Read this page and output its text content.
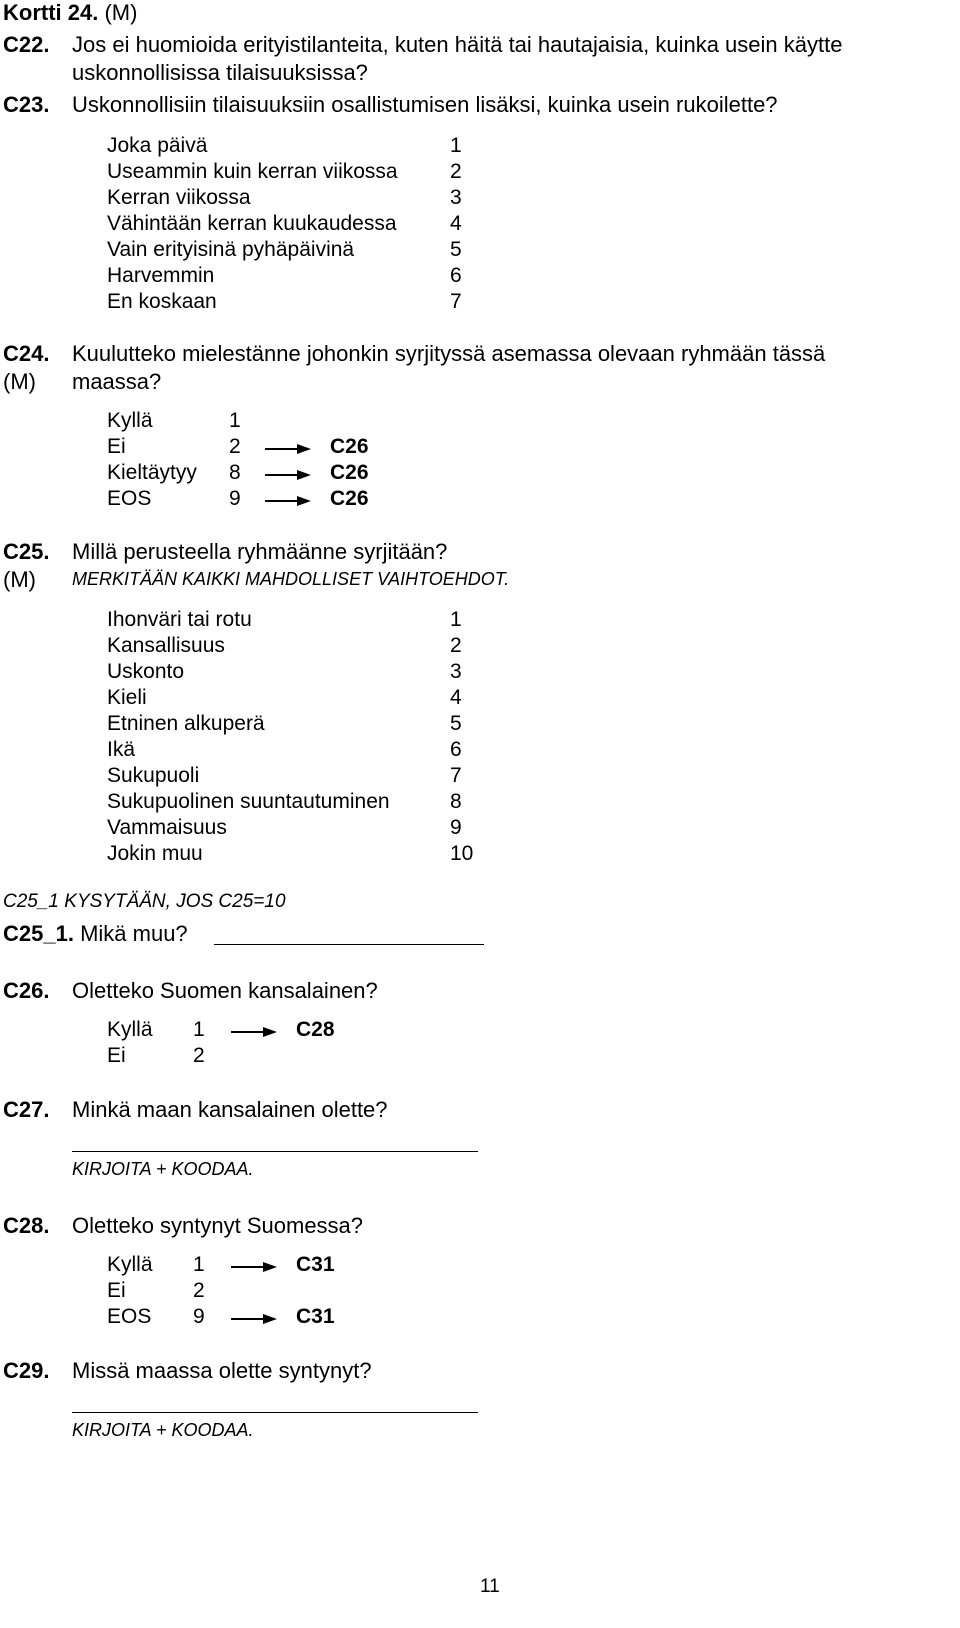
Kortti 24. (M)
C22. Jos ei huomioida erityistilanteita, kuten häitä tai hautajaisia, kuinka usein käytte
uskonnollisissa tilaisuuksissa?
C23. Uskonnollisiin tilaisuuksiin osallistumisen lisäksi, kuinka usein rukoilette?
Joka päivä	1
Useammin kuin kerran viikossa 2
Kerran viikossa	3
Vähintään kerran kuukaudessa	4
Vain erityisinä pyhäpäivinä	5
Harvemmin	6
En koskaan	7
C24.
(M)
Kuulutteko mielestänne johonkin syrjityssä asemassa olevaan ryhmään tässä
maassa?
Kyllä	1
Ei	2	C26
Kieltäytyy 8	C26
EOS	9	C26
C25.
(M)
Millä perusteella ryhmäänne syrjitään?
MERKITÄÄN KAIKKI MAHDOLLISET VAIHTOEHDOT.
Ihonväri tai rotu	1
Kansallisuus	2
Uskonto	3
Kieli	4
Etninen alkuperä	5
Ikä	6
Sukupuoli	7
Sukupuolinen suuntautuminen	8
Vammaisuus	9
Jokin muu	10
C25_1 KYSYTÄÄN, JOS C25=10
C25_1. Mikä muu?
C26. Oletteko Suomen kansalainen?
Kyllä 1	C28
Ei	2
C27. Minkä maan kansalainen olette?
KIRJOITA + KOODAA.
C28. Oletteko syntynyt Suomessa?
Kyllä 1	C31
Ei	2
EOS 9	C31
C29. Missä maassa olette syntynyt?
KIRJOITA + KOODAA.
11
